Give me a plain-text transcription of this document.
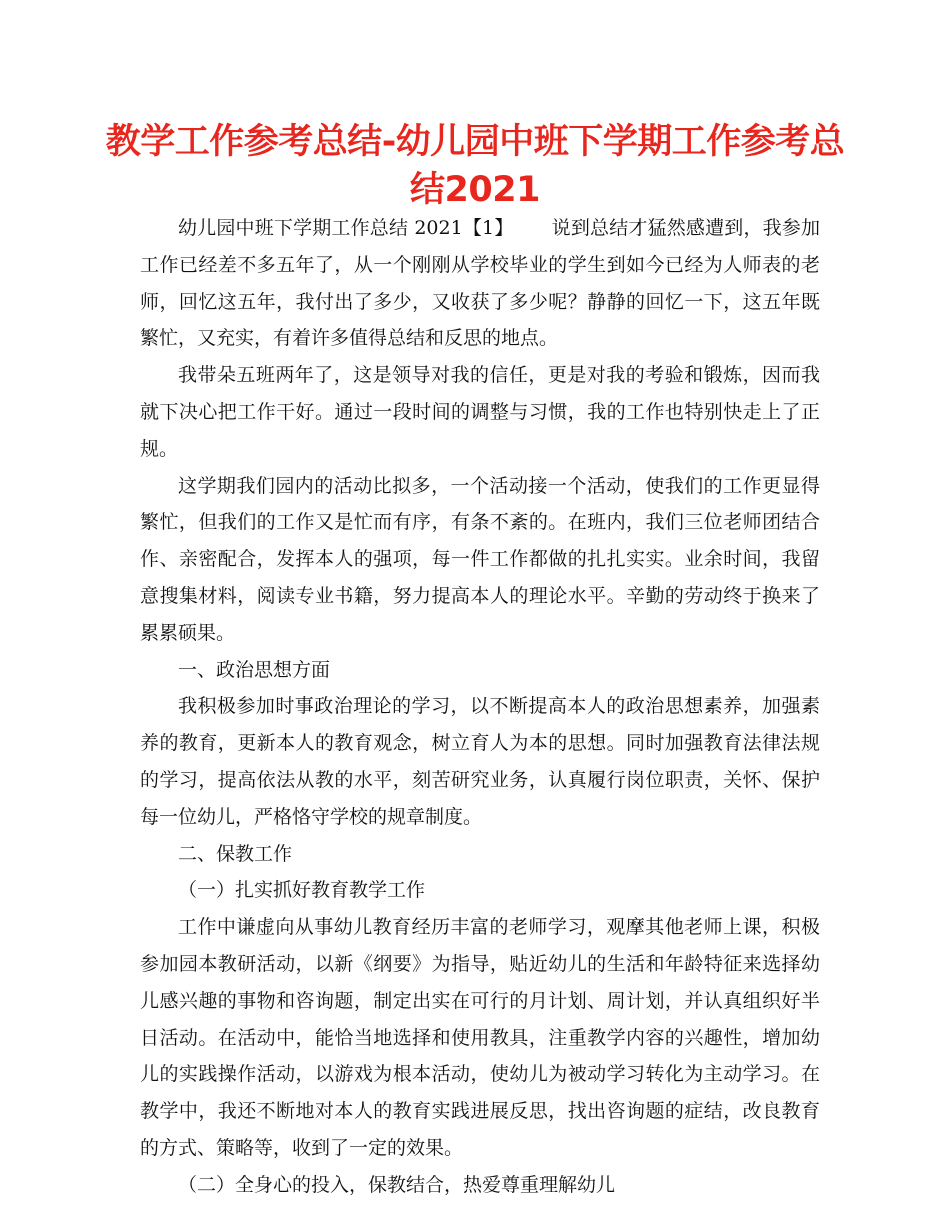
教学工作参考总结-幼儿园中班下学期工作参考总
结2021

幼儿园中班下学期工作总结 2021【1】 说到总结才猛然感遭到，我参加工作已经差不多五年了，从一个刚刚从学校毕业的学生到如今已经为人师表的老师，回忆这五年，我付出了多少，又收获了多少呢？静静的回忆一下，这五年既繁忙，又充实，有着许多值得总结和反思的地点。

我带朵五班两年了，这是领导对我的信任，更是对我的考验和锻炼，因而我就下决心把工作干好。通过一段时间的调整与习惯，我的工作也特别快走上了正规。

这学期我们园内的活动比拟多，一个活动接一个活动，使我们的工作更显得繁忙，但我们的工作又是忙而有序，有条不紊的。在班内，我们三位老师团结合作、亲密配合，发挥本人的强项，每一件工作都做的扎扎实实。业余时间，我留意搜集材料，阅读专业书籍，努力提高本人的理论水平。辛勤的劳动终于换来了累累硕果。

一、政治思想方面

我积极参加时事政治理论的学习，以不断提高本人的政治思想素养，加强素养的教育，更新本人的教育观念，树立育人为本的思想。同时加强教育法律法规的学习，提高依法从教的水平，刻苦研究业务，认真履行岗位职责，关怀、保护每一位幼儿，严格恪守学校的规章制度。

二、保教工作

（一）扎实抓好教育教学工作

工作中谦虚向从事幼儿教育经历丰富的老师学习，观摩其他老师上课，积极参加园本教研活动，以新《纲要》为指导，贴近幼儿的生活和年龄特征来选择幼儿感兴趣的事物和咨询题，制定出实在可行的月计划、周计划，并认真组织好半日活动。在活动中，能恰当地选择和使用教具，注重教学内容的兴趣性，增加幼儿的实践操作活动，以游戏为根本活动，使幼儿为被动学习转化为主动学习。在教学中，我还不断地对本人的教育实践进展反思，找出咨询题的症结，改良教育的方式、策略等，收到了一定的效果。

（二）全身心的投入，保教结合，热爱尊重理解幼儿
